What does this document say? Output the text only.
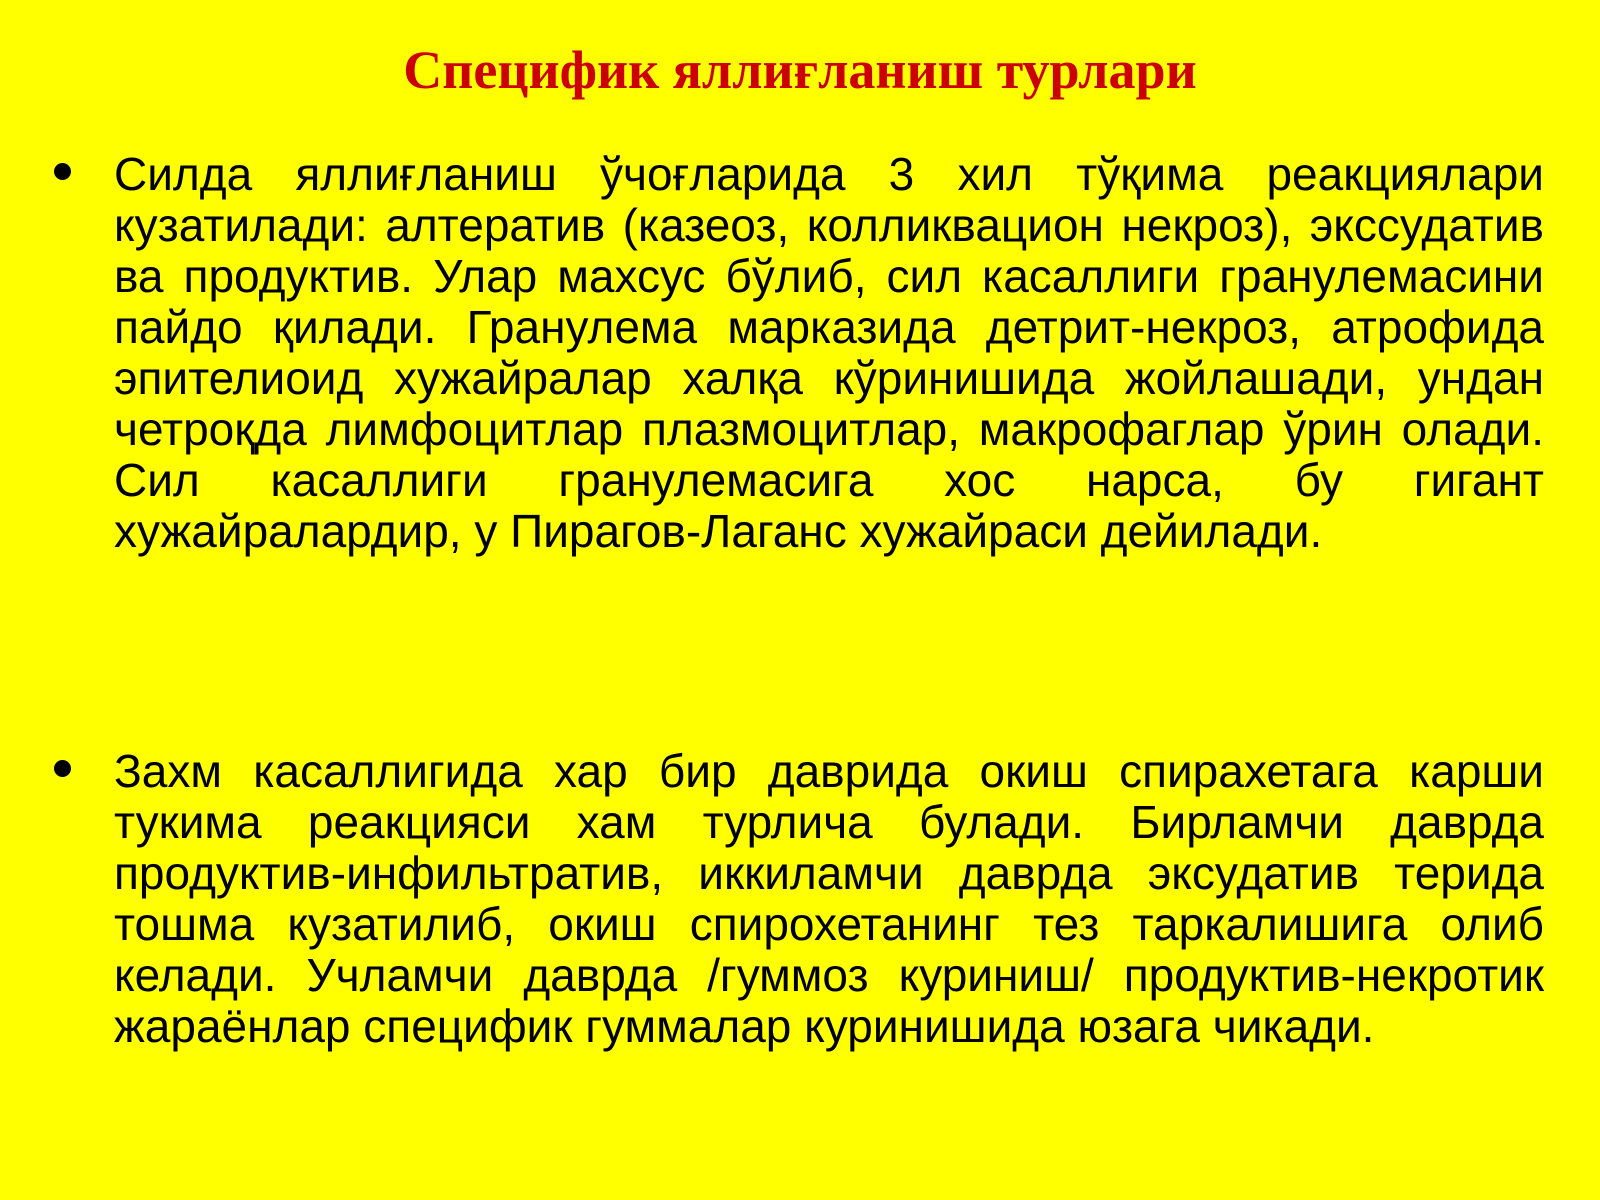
Специфик яллиғланиш турлари

Силда яллиғланиш ўчоғларида 3 хил тўқима реакциялари кузатилади: алтератив (казеоз, колликвацион некроз), экссудатив ва продуктив. Улар махсус бўлиб, сил касаллиги гранулемасини пайдо қилади. Гранулема марказида детрит-некроз, атрофида эпителиоид хужайралар халқа кўринишида жойлашади, ундан четроқда лимфоцитлар плазмоцитлар, макрофаглар ўрин олади. Сил касаллиги гранулемасига хос нарса, бу гигант хужайралардир, у Пирагов-Лаганс хужайраси дейилади.

Захм касаллигида хар бир даврида окиш спирахетага карши тукима реакцияси хам турлича булади. Бирламчи даврда продуктив-инфильтратив, иккиламчи даврда эксудатив терида тошма кузатилиб, окиш спирохетанинг тез таркалишига олиб келади. Учламчи даврда /гуммоз куриниш/ продуктив-некротик жараёнлар специфик гуммалар куринишида юзага чикади.
